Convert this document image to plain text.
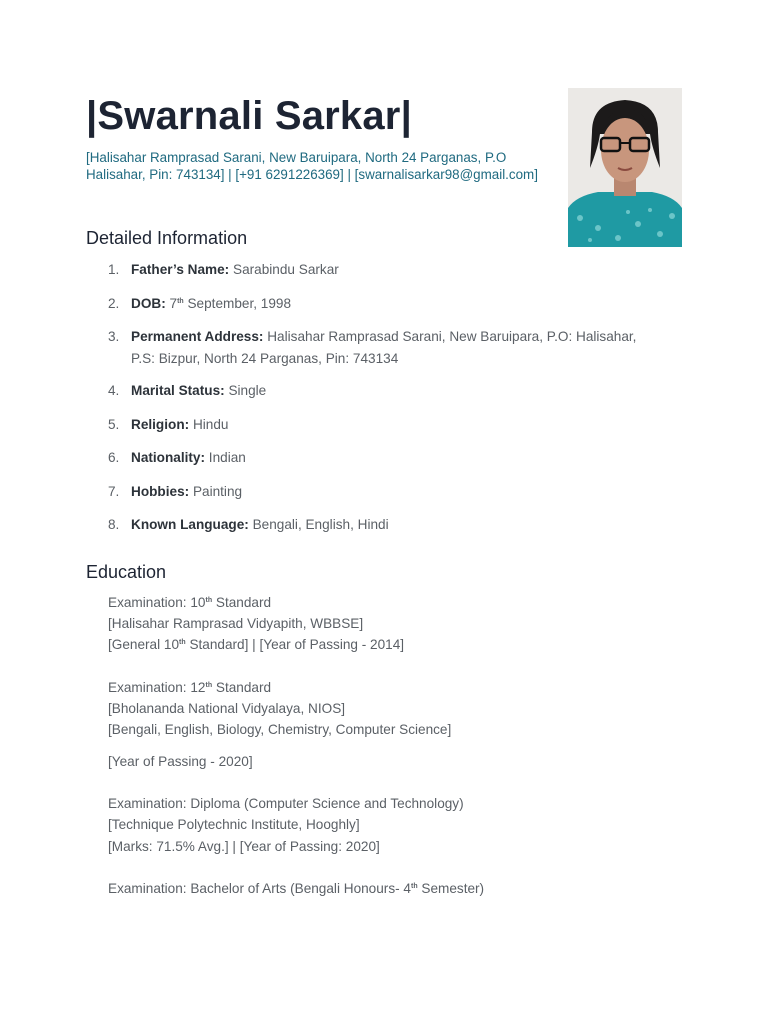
|Swarnali Sarkar|
[Halisahar Ramprasad Sarani, New Baruipara, North 24 Parganas, P.O
Halisahar, Pin: 743134] | [+91 6291226369] | [swarnalisarkar98@gmail.com]
Detailed Information
1. Father’s Name: Sarabindu Sarkar
2. DOB: 7th September, 1998
3. Permanent Address: Halisahar Ramprasad Sarani, New Baruipara, P.O: Halisahar,
P.S: Bizpur, North 24 Parganas, Pin: 743134
4. Marital Status: Single
5. Religion: Hindu
6. Nationality: Indian
7. Hobbies: Painting
8. Known Language: Bengali, English, Hindi
Education
Examination: 10th Standard
[Halisahar Ramprasad Vidyapith, WBBSE]
[General 10th Standard] | [Year of Passing - 2014]
Examination: 12th Standard
[Bholananda National Vidyalaya, NIOS]
[Bengali, English, Biology, Chemistry, Computer Science]
[Year of Passing - 2020]
Examination: Diploma (Computer Science and Technology)
[Technique Polytechnic Institute, Hooghly]
[Marks: 71.5% Avg.] | [Year of Passing: 2020]
Examination: Bachelor of Arts (Bengali Honours- 4th Semester)
